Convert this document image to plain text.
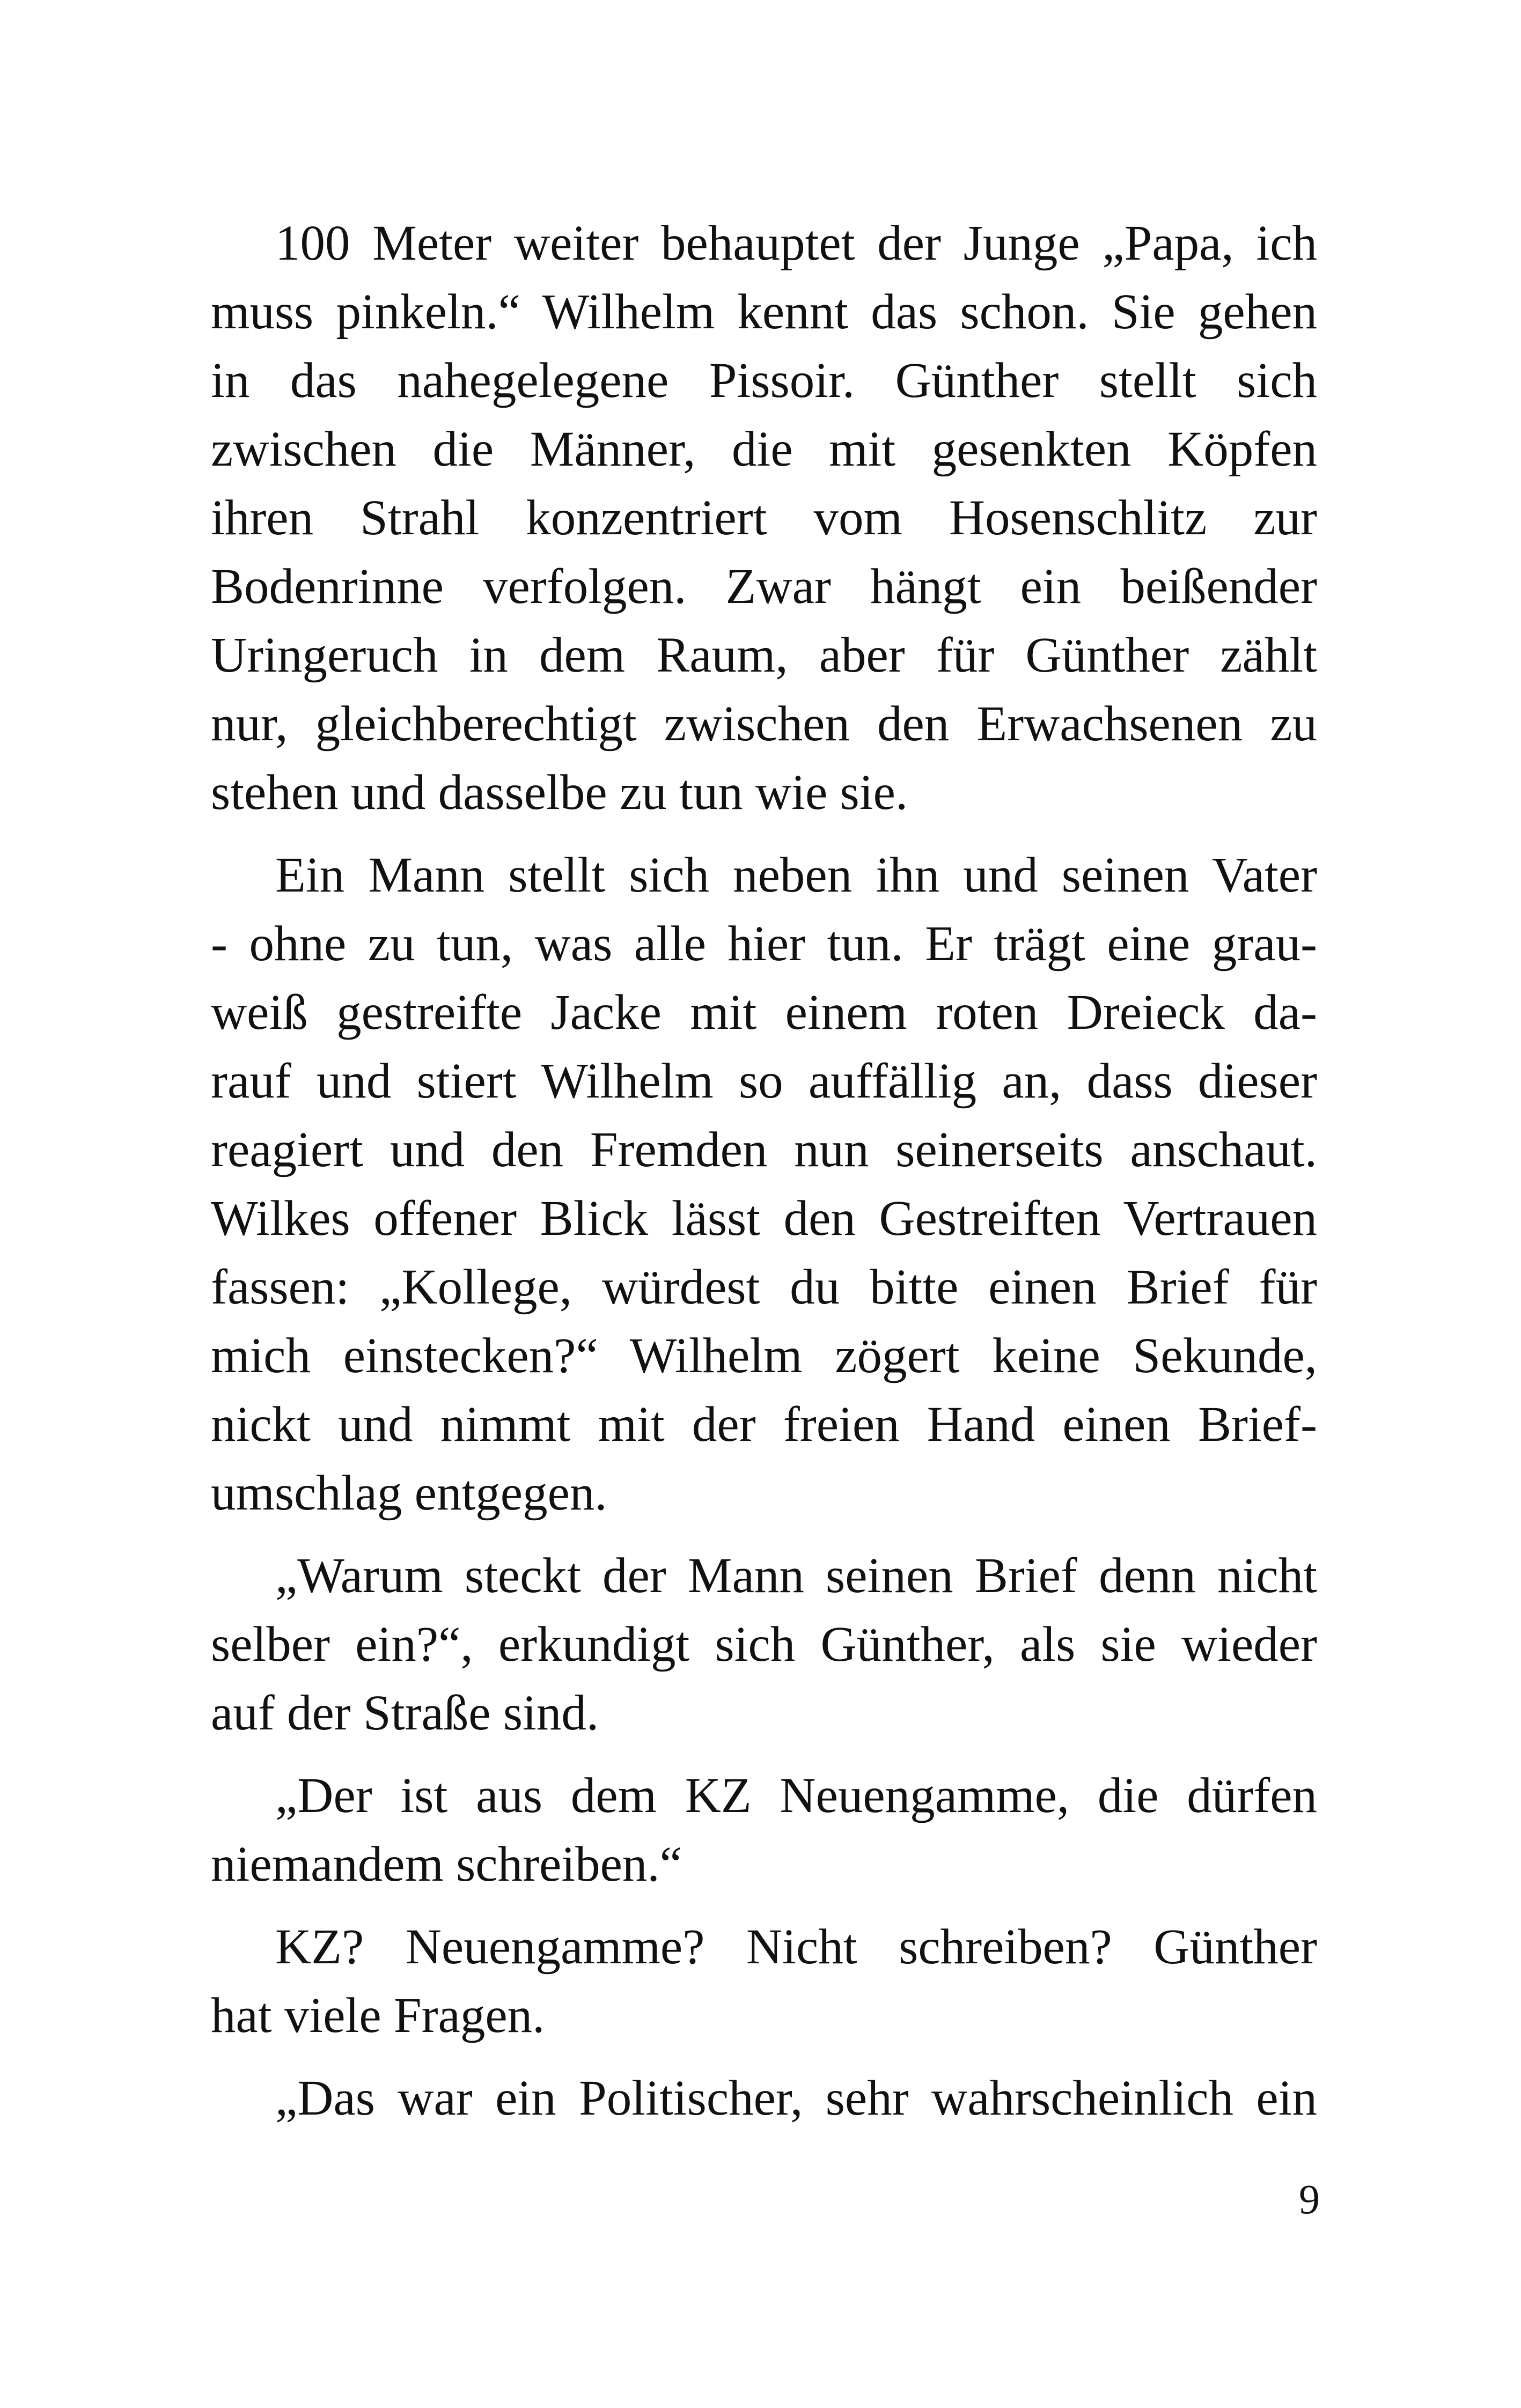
100 Meter weiter behauptet der Junge „Papa, ich
muss pinkeln.“ Wilhelm kennt das schon. Sie gehen
in das nahegelegene Pissoir. Günther stellt sich
zwischen die Männer, die mit gesenkten Köpfen
ihren Strahl konzentriert vom Hosenschlitz zur
Bodenrinne verfolgen. Zwar hängt ein beißender
Uringeruch in dem Raum, aber für Günther zählt
nur, gleichberechtigt zwischen den Erwachsenen zu
stehen und dasselbe zu tun wie sie.

Ein Mann stellt sich neben ihn und seinen Vater
- ohne zu tun, was alle hier tun. Er trägt eine grau-
weiß gestreifte Jacke mit einem roten Dreieck da-
rauf und stiert Wilhelm so auffällig an, dass dieser
reagiert und den Fremden nun seinerseits anschaut.
Wilkes offener Blick lässt den Gestreiften Vertrauen
fassen: „Kollege, würdest du bitte einen Brief für
mich einstecken?“ Wilhelm zögert keine Sekunde,
nickt und nimmt mit der freien Hand einen Brief-
umschlag entgegen.

„Warum steckt der Mann seinen Brief denn nicht
selber ein?“, erkundigt sich Günther, als sie wieder
auf der Straße sind.

„Der ist aus dem KZ Neuengamme, die dürfen
niemandem schreiben.“

KZ? Neuengamme? Nicht schreiben? Günther
hat viele Fragen.

„Das war ein Politischer, sehr wahrscheinlich ein

9
